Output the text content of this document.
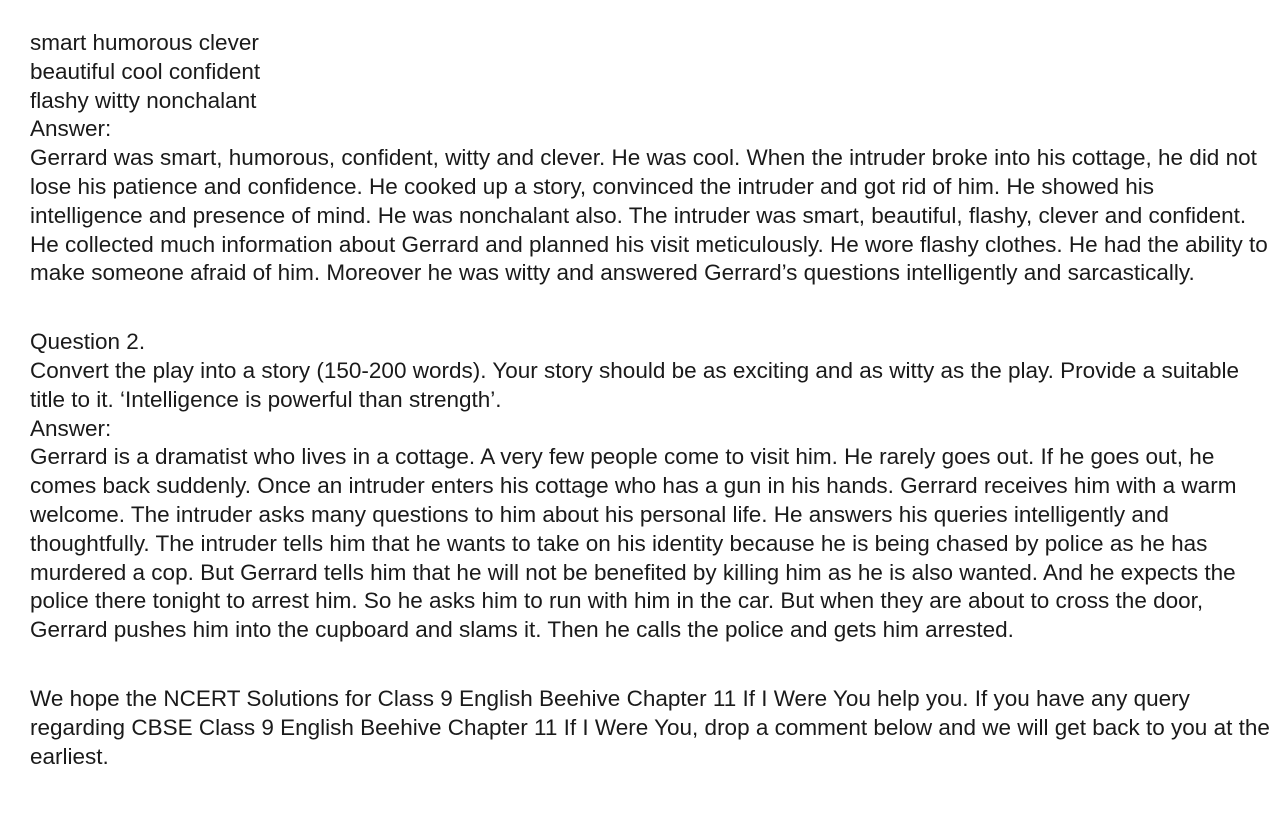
smart humorous clever
beautiful cool confident
flashy witty nonchalant
Answer:

Gerrard was smart, humorous, confident, witty and clever. He was cool. When the intruder broke into his cottage, he did not lose his patience and confidence. He cooked up a story, convinced the intruder and got rid of him. He showed his intelligence and presence of mind. He was nonchalant also. The intruder was smart, beautiful, flashy, clever and confident. He collected much information about Gerrard and planned his visit meticulously. He wore flashy clothes. He had the ability to make someone afraid of him. Moreover he was witty and answered Gerrard’s questions intelligently and sarcastically.

Question 2.

Convert the play into a story (150-200 words). Your story should be as exciting and as witty as the play. Provide a suitable title to it. ‘Intelligence is powerful than strength’.

Answer:

Gerrard is a dramatist who lives in a cottage. A very few people come to visit him. He rarely goes out. If he goes out, he comes back suddenly. Once an intruder enters his cottage who has a gun in his hands. Gerrard receives him with a warm welcome. The intruder asks many questions to him about his personal life. He answers his queries intelligently and thoughtfully. The intruder tells him that he wants to take on his identity because he is being chased by police as he has murdered a cop. But Gerrard tells him that he will not be benefited by killing him as he is also wanted. And he expects the police there tonight to arrest him. So he asks him to run with him in the car. But when they are about to cross the door, Gerrard pushes him into the cupboard and slams it. Then he calls the police and gets him arrested.

We hope the NCERT Solutions for Class 9 English Beehive Chapter 11 If I Were You help you. If you have any query regarding CBSE Class 9 English Beehive Chapter 11 If I Were You, drop a comment below and we will get back to you at the earliest.
